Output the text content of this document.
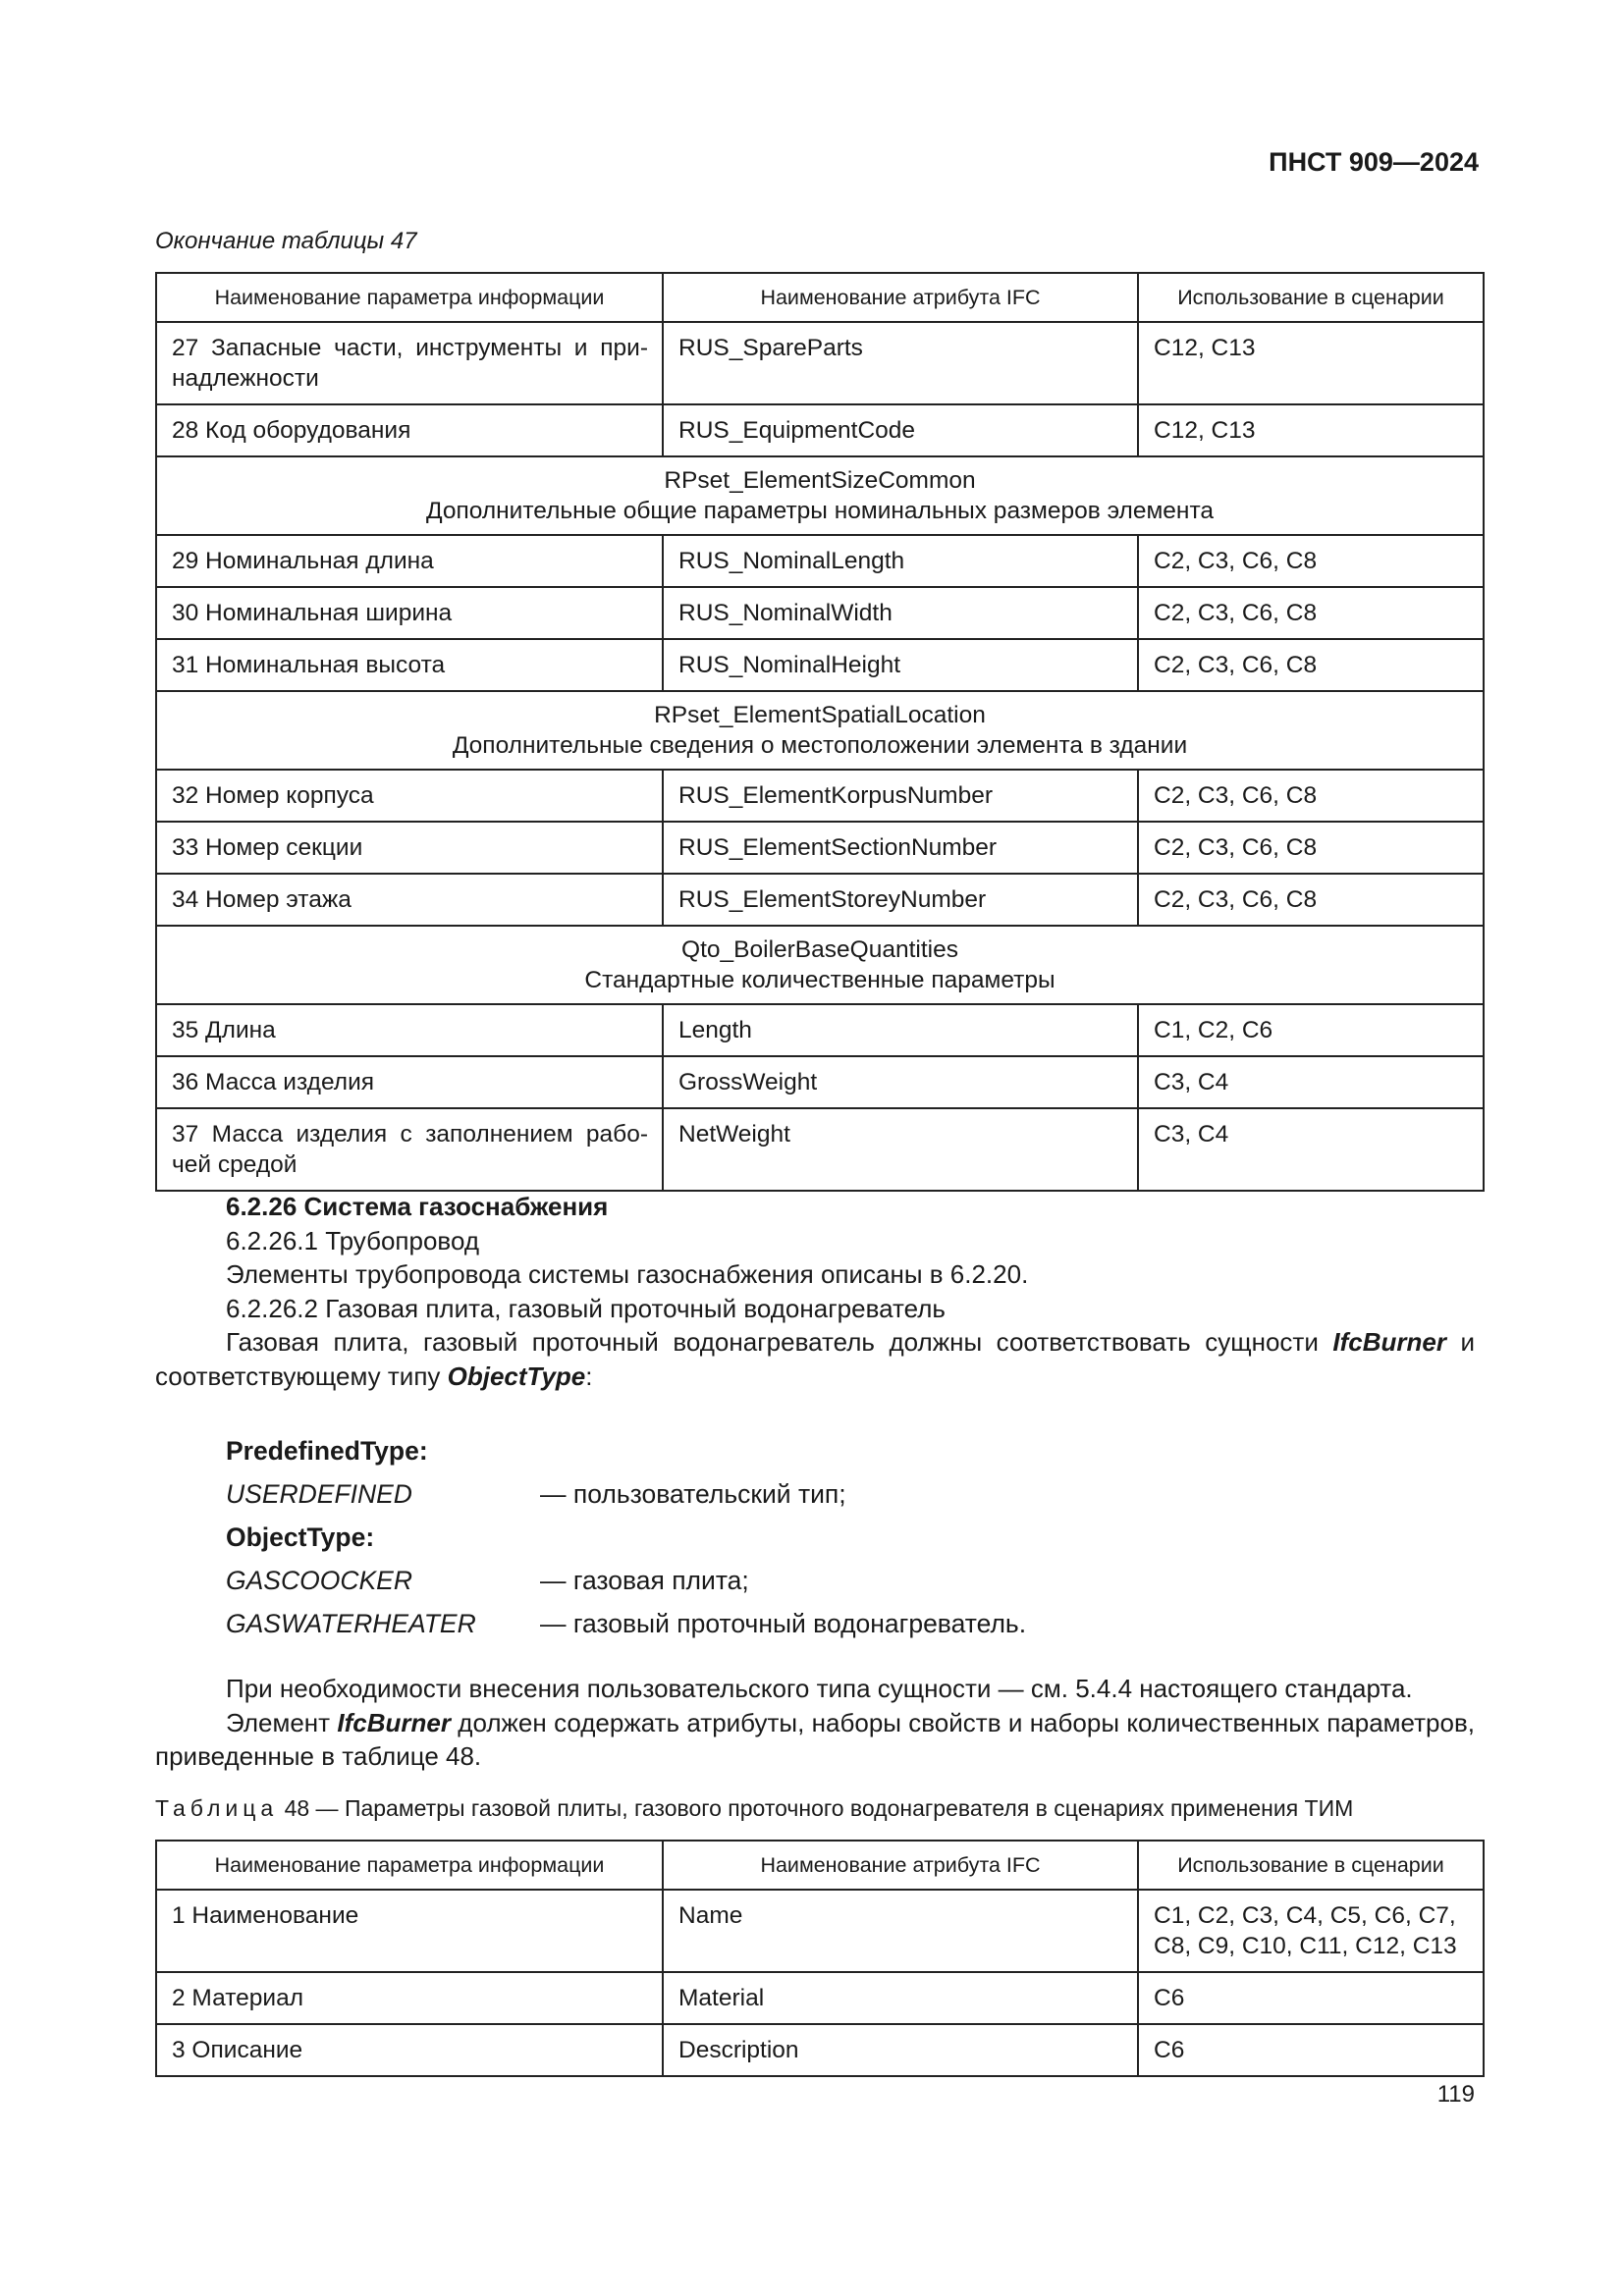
ПНСТ 909—2024
Окончание таблицы 47
Наименование параметра информации	Наименование атрибута IFC	Использование в сценарии
27 Запасные части, инструменты и при-надлежности	RUS_SpareParts	C12, C13
28 Код оборудования	RUS_EquipmentCode	C12, C13

RPset_ElementSizeCommon
Дополнительные общие параметры номинальных размеров элемента		

29 Номинальная длина	RUS_NominalLength	C2, C3, C6, C8
30 Номинальная ширина	RUS_NominalWidth	C2, C3, C6, C8
31 Номинальная высота	RUS_NominalHeight	C2, C3, C6, C8

RPset_ElementSpatialLocation
Дополнительные сведения о местоположении элемента в здании		

32 Номер корпуса	RUS_ElementKorpusNumber	C2, C3, C6, C8
33 Номер секции	RUS_ElementSectionNumber	C2, C3, C6, C8
34 Номер этажа	RUS_ElementStoreyNumber	C2, C3, C6, C8

Qto_BoilerBaseQuantities
Стандартные количественные параметры		

35 Длина	Length	C1, C2, C6
36 Масса изделия	GrossWeight	C3, C4
37 Масса изделия с заполнением рабо-чей средой	NetWeight	C3, C4

6.2.26 Система газоснабжения

6.2.26.1 Трубопровод

Элементы трубопровода системы газоснабжения описаны в 6.2.20.

6.2.26.2 Газовая плита, газовый проточный водонагреватель

Газовая плита, газовый проточный водонагреватель должны соответствовать сущности IfcBurner и соответствующему типу ObjectType:

PredefinedType:
USERDEFINED	— пользовательский тип;
ObjectType:
GASCOOCKER	— газовая плита;
GASWATERHEATER	— газовый проточный водонагреватель.

При необходимости внесения пользовательского типа сущности — см. 5.4.4 настоящего стандарта.

Элемент IfcBurner должен содержать атрибуты, наборы свойств и наборы количественных параметров, приведенные в таблице 48.

Таблица 48 — Параметры газовой плиты, газового проточного водонагревателя в сценариях применения ТИМ
Наименование параметра информации	Наименование атрибута IFC	Использование в сценарии
1 Наименование	Name	C1, C2, C3, C4, C5, C6, C7, C8, C9, C10, C11, C12, C13
2 Материал	Material	C6
3 Описание	Description	C6
119
